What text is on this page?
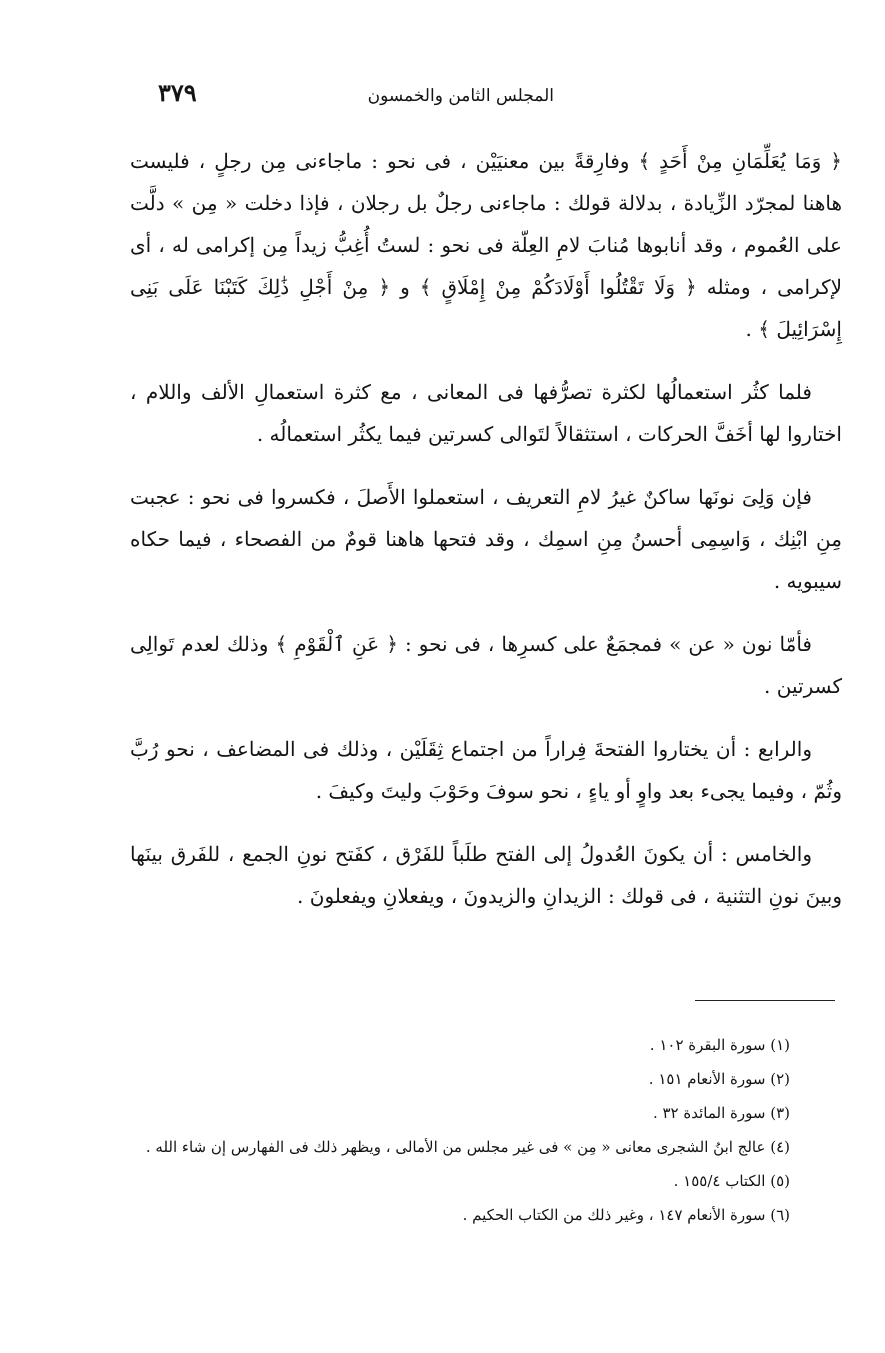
المجلس الثامن والخمسون
٣٧٩

﴿ وَمَا يُعَلِّمَانِ مِنْ أَحَدٍ ﴾ وفارِقةً بين معنيَيْن ، فى نحو : ماجاءنى مِن رجلٍ ، فليست هاهنا لمجرّد الزِّيادة ، بدلالة قولك : ماجاءنى رجلٌ بل رجلان ، فإذا دخلت « مِن » دلَّت على العُموم ، وقد أنابوها مُنابَ لامِ العِلّة فى نحو : لستُ أُغِبُّ زيداً مِن إكرامى له ، أى لإكرامى ، ومثله ﴿ وَلَا تَقْتُلُوا أَوْلَادَكُمْ مِنْ إِمْلَاقٍ ﴾ و ﴿ مِنْ أَجْلِ ذَٰلِكَ كَتَبْنَا عَلَى بَنِى إِسْرَائِيلَ ﴾ .

فلما كثُر استعمالُها لكثرة تصرُّفها فى المعانى ، مع كثرة استعمالِ الألف واللام ، اختاروا لها أخَفَّ الحركات ، استثقالاً لتَوالى كسرتين فيما يكثُر استعمالُه .

فإن وَلِىَ نونَها ساكنٌ غيرُ لامِ التعريف ، استعملوا الأَصلَ ، فكسروا فى نحو : عجبت مِنِ ابْنِك ، وَاسِمِى أحسنُ مِنِ اسمِك ، وقد فتحها هاهنا قومٌ من الفصحاء ، فيما حكاه سيبويه .

فأمّا نون « عن » فمجمَعٌ على كسرِها ، فى نحو : ﴿ عَنِ ٱلْقَوْمِ ﴾ وذلك لعدم تَوالِى كسرتين .

والرابع : أن يختاروا الفتحةَ فِراراً من اجتماع ثِقَلَيْن ، وذلك فى المضاعف ، نحو رُبَّ وثُمّ ، وفيما يجىء بعد واوٍ أو ياءٍ ، نحو سوفَ وحَوْبَ وليتَ وكيفَ .

والخامس : أن يكونَ العُدولُ إلى الفتح طلَباً للفَرْق ، كفَتح نونِ الجمع ، للفَرق بينَها وبينَ نونِ التثنية ، فى قولك : الزيدانِ والزيدونَ ، ويفعلانِ ويفعلونَ .

(١) سورة البقرة ١٠٢ .

(٢) سورة الأنعام ١٥١ .

(٣) سورة المائدة ٣٢ .

(٤) عالج ابنُ الشجرى معانى « مِن » فى غير مجلس من الأمالى ، ويظهر ذلك فى الفهارس إن شاء الله .

(٥) الكتاب ١٥٥/٤ .

(٦) سورة الأنعام ١٤٧ ، وغير ذلك من الكتاب الحكيم .
